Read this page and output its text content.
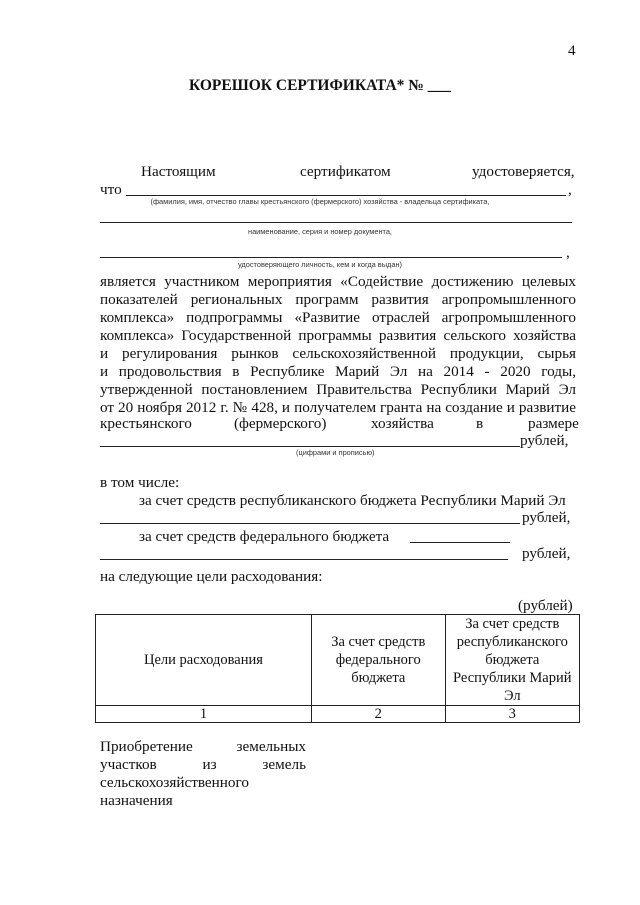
4
КОРЕШОК СЕРТИФИКАТА* № ___
Настоящим	сертификатом	удостоверяется,
что	,
(фамилия, имя, отчество главы крестьянского (фермерского) хозяйства - владельца сертификата,
наименование, серия и номер документа,
,
удостоверяющего личность, кем и когда выдан)
является участником мероприятия «Содействие достижению целевых
показателей региональных программ развития агропромышленного
комплекса» подпрограммы «Развитие отраслей агропромышленного
комплекса» Государственной программы развития сельского хозяйства
и регулирования рынков сельскохозяйственной продукции, сырья
и продовольствия в Республике Марий Эл на 2014 - 2020 годы,
утвержденной постановлением Правительства Республики Марий Эл
от 20 ноября 2012 г. № 428, и получателем гранта на создание и развитие
крестьянского	(фермерского)	хозяйства	в	размере
рублей,
(цифрами и прописью)
в том числе:
за счет средств республиканского бюджета Республики Марий Эл
рублей,
за счет средств федерального бюджета
рублей,
на следующие цели расходования:
(рублей)
Цели расходования	За счет средств федерального бюджета	За счет средств республиканского бюджета Республики Марий Эл
1	2	3
Приобретение земельных
участков из земель
сельскохозяйственного
назначения
